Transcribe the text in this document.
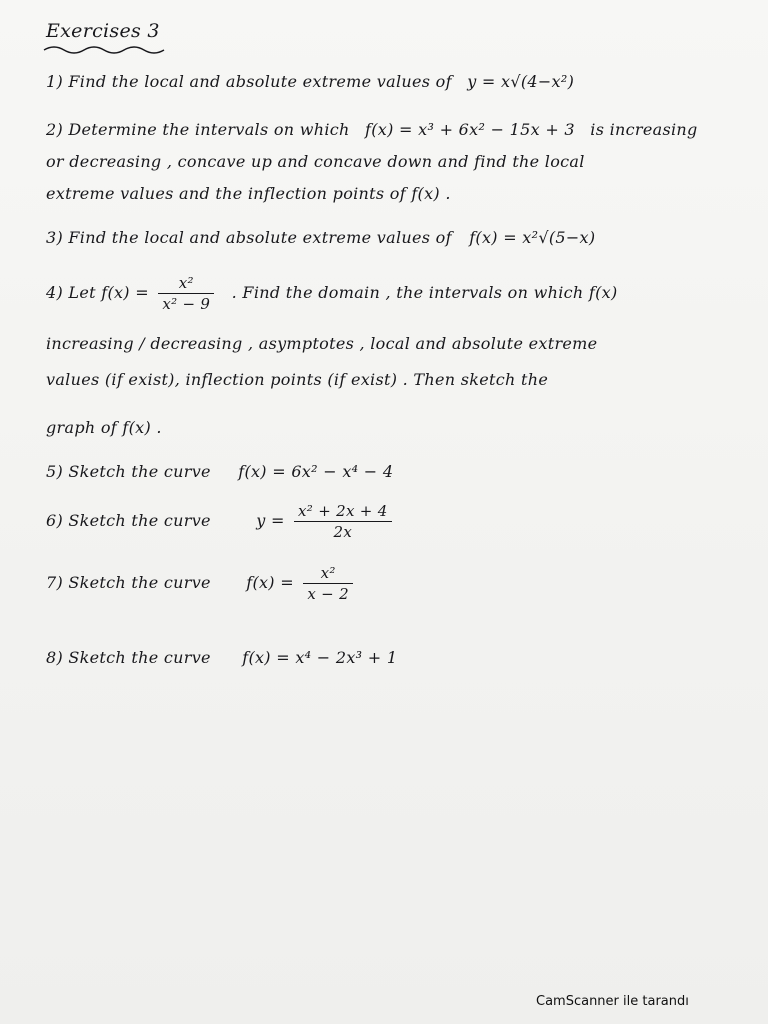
Exercises 3
1) Find the local and absolute extreme values of y = x√(4−x²)
2) Determine the intervals on which f(x) = x³ + 6x² − 15x + 3 is increasing
or decreasing , concave up and concave down and find the local
extreme values and the inflection points of f(x) .
3) Find the local and absolute extreme values of f(x) = x²√(5−x)
4) Let $f(x) = \frac{\text{x²}}{\text{x² − 9}}$ . Find the domain , the intervals on which f(x)
increasing / decreasing , asymptotes , local and absolute extreme
values (if exist), inflection points (if exist) . Then sketch the
graph of f(x) .
5) Sketch the curve f(x) = 6x² − x⁴ − 4
6) Sketch the curve	$y = \frac{\text{x² + 2x + 4}}{2x}$
7) Sketch the curve $f(x) = \frac{\text{x²}}{x - 2}$
8) Sketch the curve f(x) = x⁴ − 2x³ + 1
CamScanner ile tarandı
